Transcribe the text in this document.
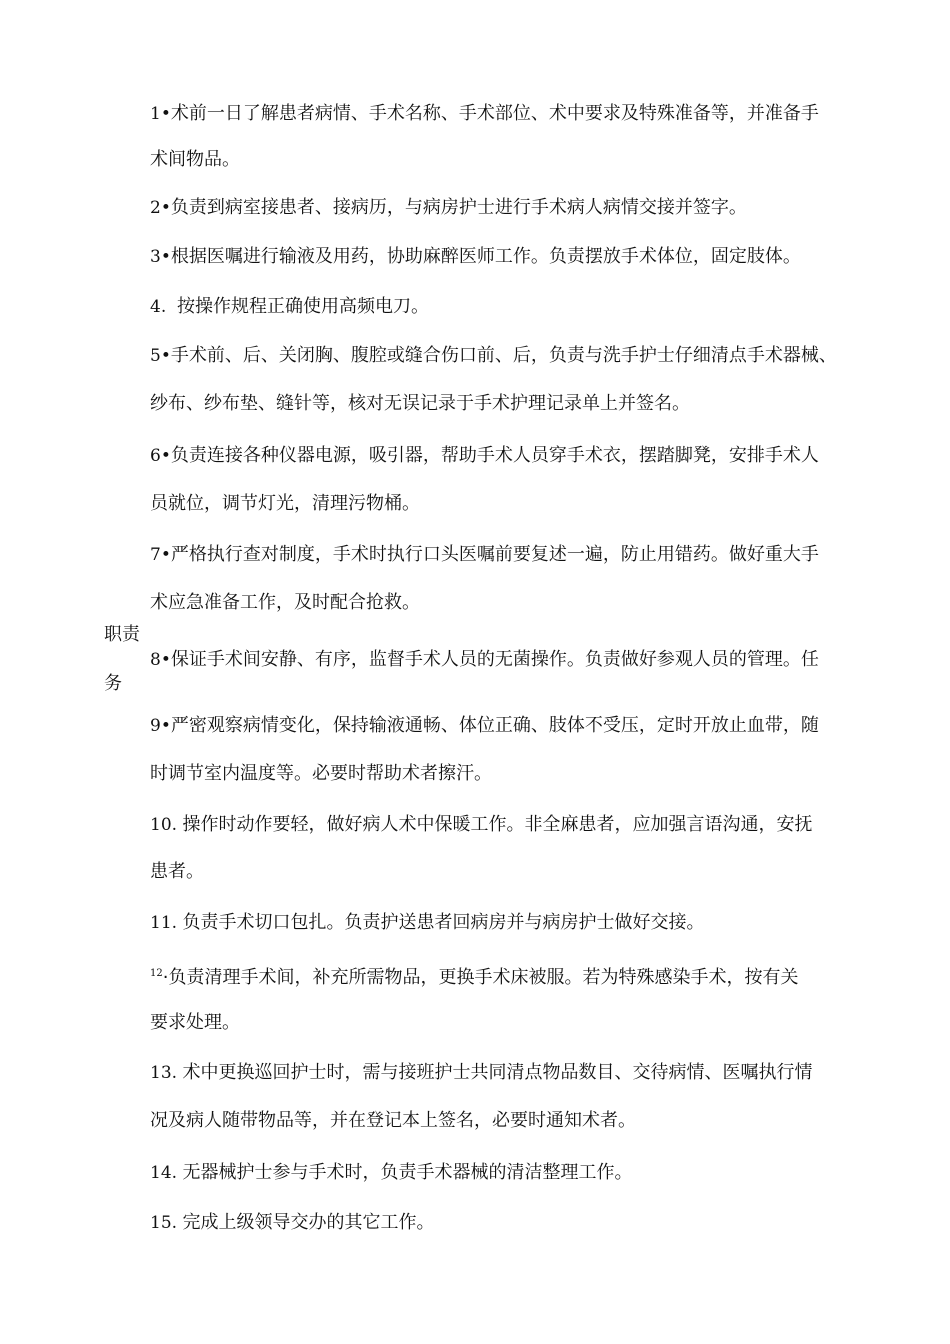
职责
务
1•术前一日了解患者病情、手术名称、手术部位、术中要求及特殊准备等，并准备手
术间物品。
2•负责到病室接患者、接病历，与病房护士进行手术病人病情交接并签字。
3•根据医嘱进行输液及用药，协助麻醉医师工作。负责摆放手术体位，固定肢体。
4.  按操作规程正确使用高频电刀。
5•手术前、后、关闭胸、腹腔或缝合伤口前、后，负责与洗手护士仔细清点手术器械、
纱布、纱布垫、缝针等，核对无误记录于手术护理记录单上并签名。
6•负责连接各种仪器电源，吸引器，帮助手术人员穿手术衣，摆踏脚凳，安排手术人
员就位，调节灯光，清理污物桶。
7•严格执行查对制度，手术时执行口头医嘱前要复述一遍，防止用错药。做好重大手
术应急准备工作，及时配合抢救。
8•保证手术间安静、有序，监督手术人员的无菌操作。负责做好参观人员的管理。任
9•严密观察病情变化，保持输液通畅、体位正确、肢体不受压，定时开放止血带，随
时调节室内温度等。必要时帮助术者擦汗。
10. 操作时动作要轻，做好病人术中保暖工作。非全麻患者，应加强言语沟通，安抚
患者。
11. 负责手术切口包扎。负责护送患者回病房并与病房护士做好交接。
$^{12}$·负责清理手术间，补充所需物品，更换手术床被服。若为特殊感染手术，按有关
要求处理。
13. 术中更换巡回护士时，需与接班护士共同清点物品数目、交待病情、医嘱执行情
况及病人随带物品等，并在登记本上签名，必要时通知术者。
14. 无器械护士参与手术时，负责手术器械的清洁整理工作。
15. 完成上级领导交办的其它工作。
